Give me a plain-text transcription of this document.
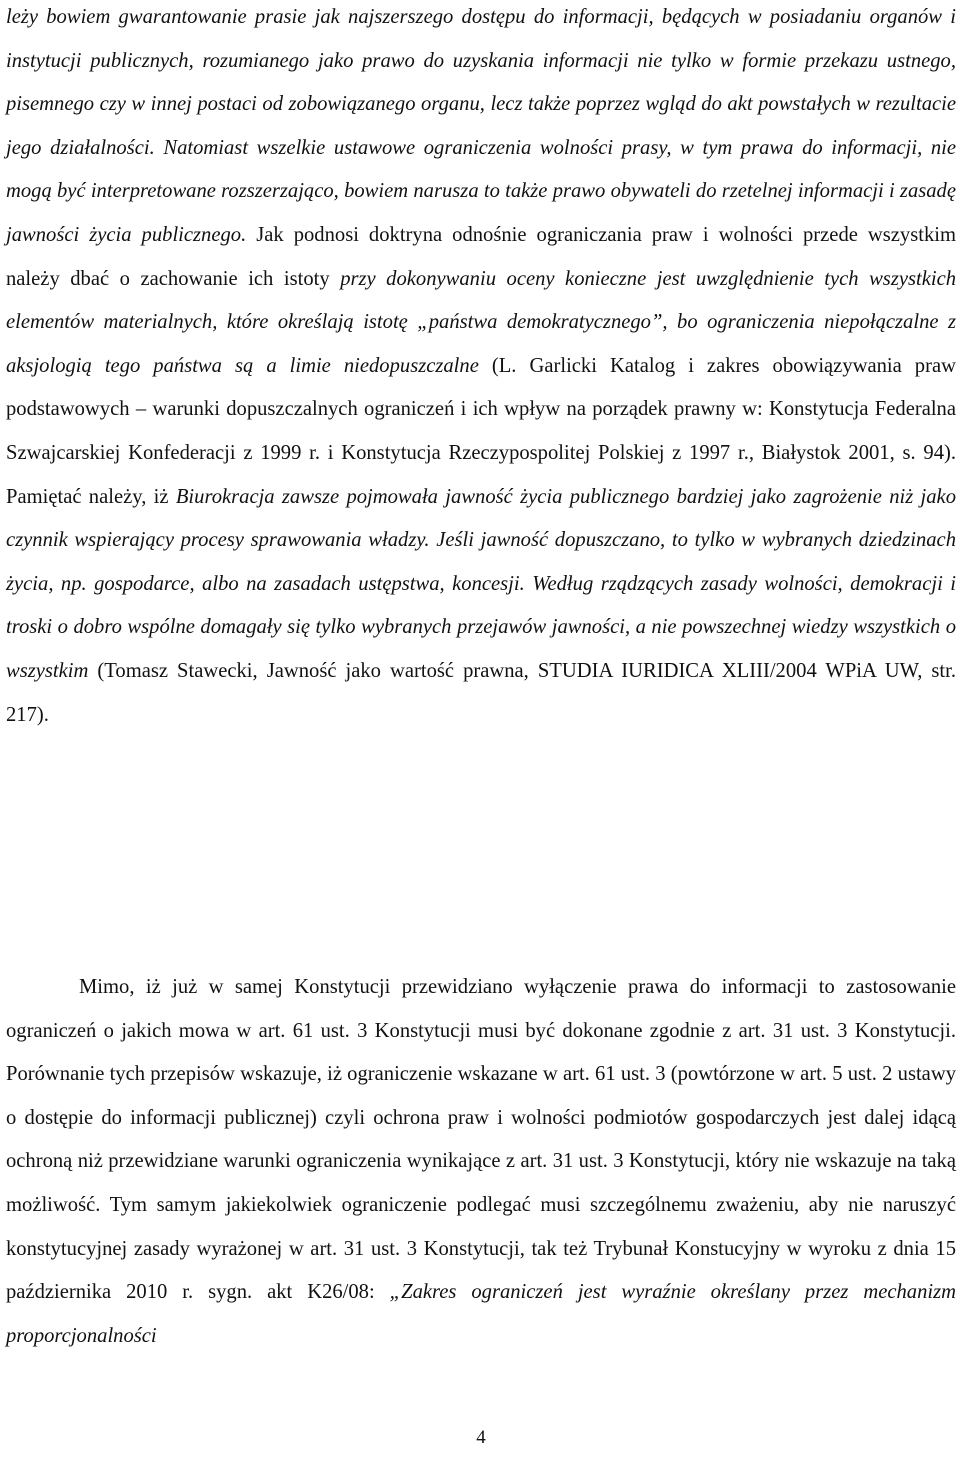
leży bowiem gwarantowanie prasie jak najszerszego dostępu do informacji, będących w posiadaniu organów i instytucji publicznych, rozumianego jako prawo do uzyskania informacji nie tylko w formie przekazu ustnego, pisemnego czy w innej postaci od zobowiązanego organu, lecz także poprzez wgląd do akt powstałych w rezultacie jego działalności. Natomiast wszelkie ustawowe ograniczenia wolności prasy, w tym prawa do informacji, nie mogą być interpretowane rozszerzająco, bowiem narusza to także prawo obywateli do rzetelnej informacji i zasadę jawności życia publicznego. Jak podnosi doktryna odnośnie ograniczania praw i wolności przede wszystkim należy dbać o zachowanie ich istoty przy dokonywaniu oceny konieczne jest uwzględnienie tych wszystkich elementów materialnych, które określają istotę „państwa demokratycznego”, bo ograniczenia niepołączalne z aksjologią tego państwa są a limie niedopuszczalne (L. Garlicki Katalog i zakres obowiązywania praw podstawowych – warunki dopuszczalnych ograniczeń i ich wpływ na porządek prawny w: Konstytucja Federalna Szwajcarskiej Konfederacji z 1999 r. i Konstytucja Rzeczypospolitej Polskiej z 1997 r., Białystok 2001, s. 94). Pamiętać należy, iż Biurokracja zawsze pojmowała jawność życia publicznego bardziej jako zagrożenie niż jako czynnik wspierający procesy sprawowania władzy. Jeśli jawność dopuszczano, to tylko w wybranych dziedzinach życia, np. gospodarce, albo na zasadach ustępstwa, koncesji. Według rządzących zasady wolności, demokracji i troski o dobro wspólne domagały się tylko wybranych przejawów jawności, a nie powszechnej wiedzy wszystkich o wszystkim (Tomasz Stawecki, Jawność jako wartość prawna, STUDIA IURIDICA XLIII/2004 WPiA UW, str. 217).

Mimo, iż już w samej Konstytucji przewidziano wyłączenie prawa do informacji to zastosowanie ograniczeń o jakich mowa w art. 61 ust. 3 Konstytucji musi być dokonane zgodnie z art. 31 ust. 3 Konstytucji. Porównanie tych przepisów wskazuje, iż ograniczenie wskazane w art. 61 ust. 3 (powtórzone w art. 5 ust. 2 ustawy o dostępie do informacji publicznej) czyli ochrona praw i wolności podmiotów gospodarczych jest dalej idącą ochroną niż przewidziane warunki ograniczenia wynikające z art. 31 ust. 3 Konstytucji, który nie wskazuje na taką możliwość. Tym samym jakiekolwiek ograniczenie podlegać musi szczególnemu zważeniu, aby nie naruszyć konstytucyjnej zasady wyrażonej w art. 31 ust. 3 Konstytucji, tak też Trybunał Konstucyjny w wyroku z dnia 15 października 2010 r. sygn. akt K26/08: „Zakres ograniczeń jest wyraźnie określany przez mechanizm proporcjonalności

4
